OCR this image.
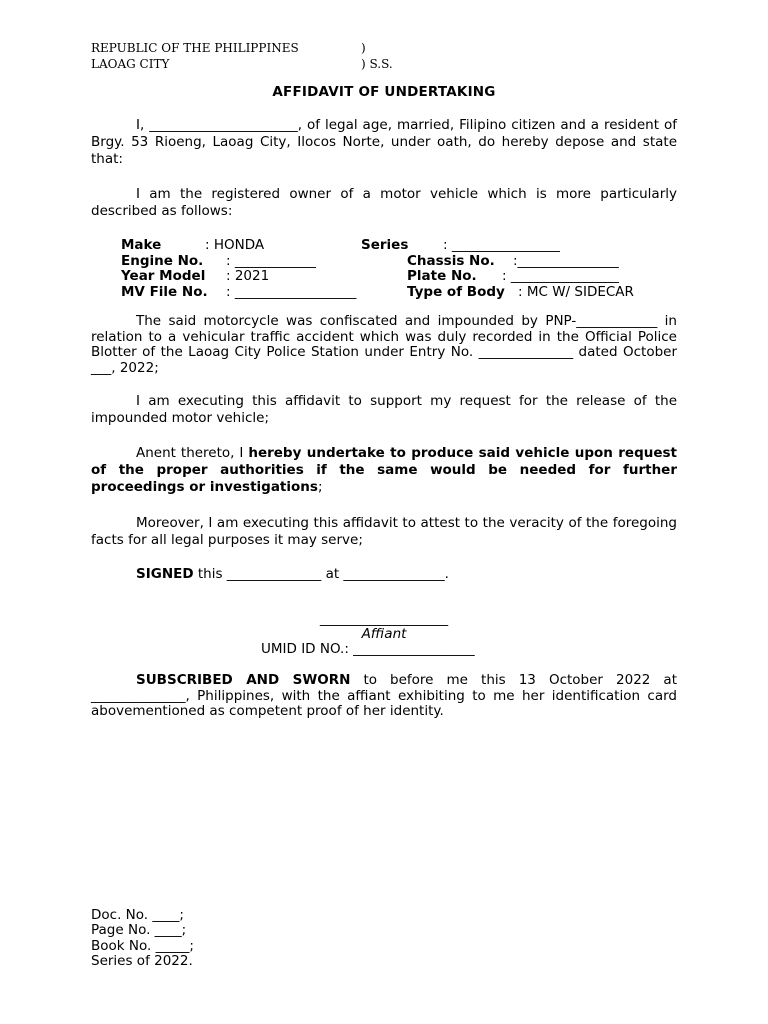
REPUBLIC OF THE PHILIPPINES	)
LAOAG CITY	) S.S.
AFFIDAVIT OF UNDERTAKING
I, ______________________, of legal age, married, Filipino citizen and a resident of Brgy. 53 Rioeng, Laoag City, Ilocos Norte, under oath, do hereby depose and state that:
I am the registered owner of a motor vehicle which is more particularly described as follows:
Make	: HONDA	Series	: ________________
Engine No. : ____________	Chassis No. :_______________
Year Model : 2021	Plate No. : ________________
MV File No. : __________________	Type of Body : MC W/ SIDECAR
The said motorcycle was confiscated and impounded by PNP-____________ in relation to a vehicular traffic accident which was duly recorded in the Official Police Blotter of the Laoag City Police Station under Entry No. ______________ dated October ___, 2022;
I am executing this affidavit to support my request for the release of the impounded motor vehicle;
Anent thereto, I hereby undertake to produce said vehicle upon request of the proper authorities if the same would be needed for further proceedings or investigations;
Moreover, I am executing this affidavit to attest to the veracity of the foregoing facts for all legal purposes it may serve;
SIGNED this ______________ at _______________.
___________________
Affiant
UMID ID NO.: __________________
SUBSCRIBED AND SWORN to before me this 13 October 2022 at ______________, Philippines, with the affiant exhibiting to me her identification card abovementioned as competent proof of her identity.
Doc. No. ____;
Page No. ____;
Book No. _____;
Series of 2022.
